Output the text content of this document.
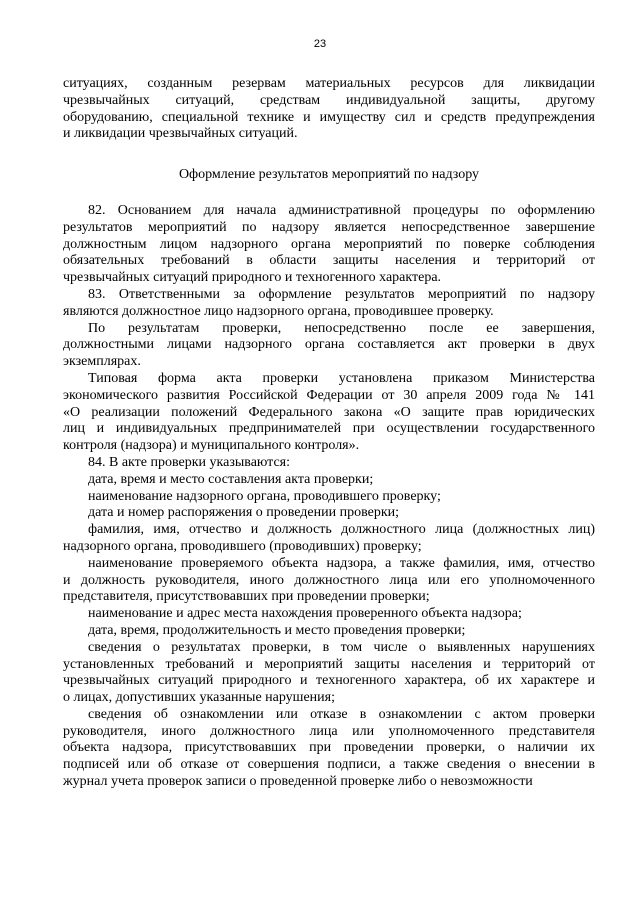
23
ситуациях, созданным резервам материальных ресурсов для ликвидации
чрезвычайных ситуаций, средствам индивидуальной защиты, другому
оборудованию, специальной технике и имуществу сил и средств предупреждения
и ликвидации чрезвычайных ситуаций.
Оформление результатов мероприятий по надзору
82. Основанием для начала административной процедуры по оформлению
результатов мероприятий по надзору является непосредственное завершение
должностным лицом надзорного органа мероприятий по поверке соблюдения
обязательных требований в области защиты населения и территорий от
чрезвычайных ситуаций природного и техногенного характера.
83. Ответственными за оформление результатов мероприятий по надзору
являются должностное лицо надзорного органа, проводившее проверку.
По результатам проверки, непосредственно после ее завершения,
должностными лицами надзорного органа составляется акт проверки в двух
экземплярах.
Типовая форма акта проверки установлена приказом Министерства
экономического развития Российской Федерации от 30 апреля 2009 года № 141
«О реализации положений Федерального закона «О защите прав юридических
лиц и индивидуальных предпринимателей при осуществлении государственного
контроля (надзора) и муниципального контроля».
84. В акте проверки указываются:
дата, время и место составления акта проверки;
наименование надзорного органа, проводившего проверку;
дата и номер распоряжения о проведении проверки;
фамилия, имя, отчество и должность должностного лица (должностных лиц)
надзорного органа, проводившего (проводивших) проверку;
наименование проверяемого объекта надзора, а также фамилия, имя, отчество
и должность руководителя, иного должностного лица или его уполномоченного
представителя, присутствовавших при проведении проверки;
наименование и адрес места нахождения проверенного объекта надзора;
дата, время, продолжительность и место проведения проверки;
сведения о результатах проверки, в том числе о выявленных нарушениях
установленных требований и мероприятий защиты населения и территорий от
чрезвычайных ситуаций природного и техногенного характера, об их характере и
о лицах, допустивших указанные нарушения;
сведения об ознакомлении или отказе в ознакомлении с актом проверки
руководителя, иного должностного лица или уполномоченного представителя
объекта надзора, присутствовавших при проведении проверки, о наличии их
подписей или об отказе от совершения подписи, а также сведения о внесении в
журнал учета проверок записи о проведенной проверке либо о невозможности
